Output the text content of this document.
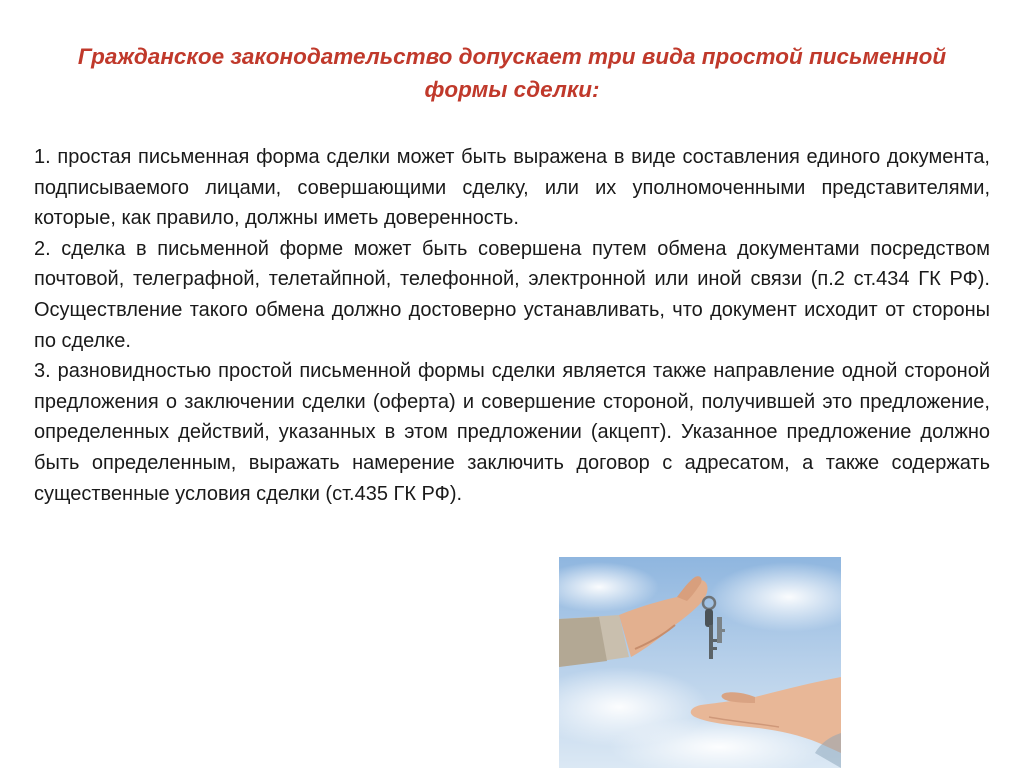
Гражданское законодательство допускает три вида простой письменной формы сделки:

1. простая письменная форма сделки может быть выражена в виде составления единого документа, подписываемого лицами, совершающими сделку, или их уполномоченными представителями, которые, как правило, должны иметь доверенность.

2. сделка в письменной форме может быть совершена путем обмена документами посредством почтовой, телеграфной, телетайпной, телефонной, электронной или иной связи (п.2 ст.434 ГК РФ). Осуществление такого обмена должно достоверно устанавливать, что документ исходит от стороны по сделке.

3. разновидностью простой письменной формы сделки является также направление одной стороной предложения о заключении сделки (оферта) и совершение стороной, получившей это предложение, определенных действий, указанных в этом предложении (акцепт). Указанное предложение должно быть определенным, выражать намерение заключить договор с адресатом, а также содержать существенные условия сделки (ст.435 ГК РФ).
